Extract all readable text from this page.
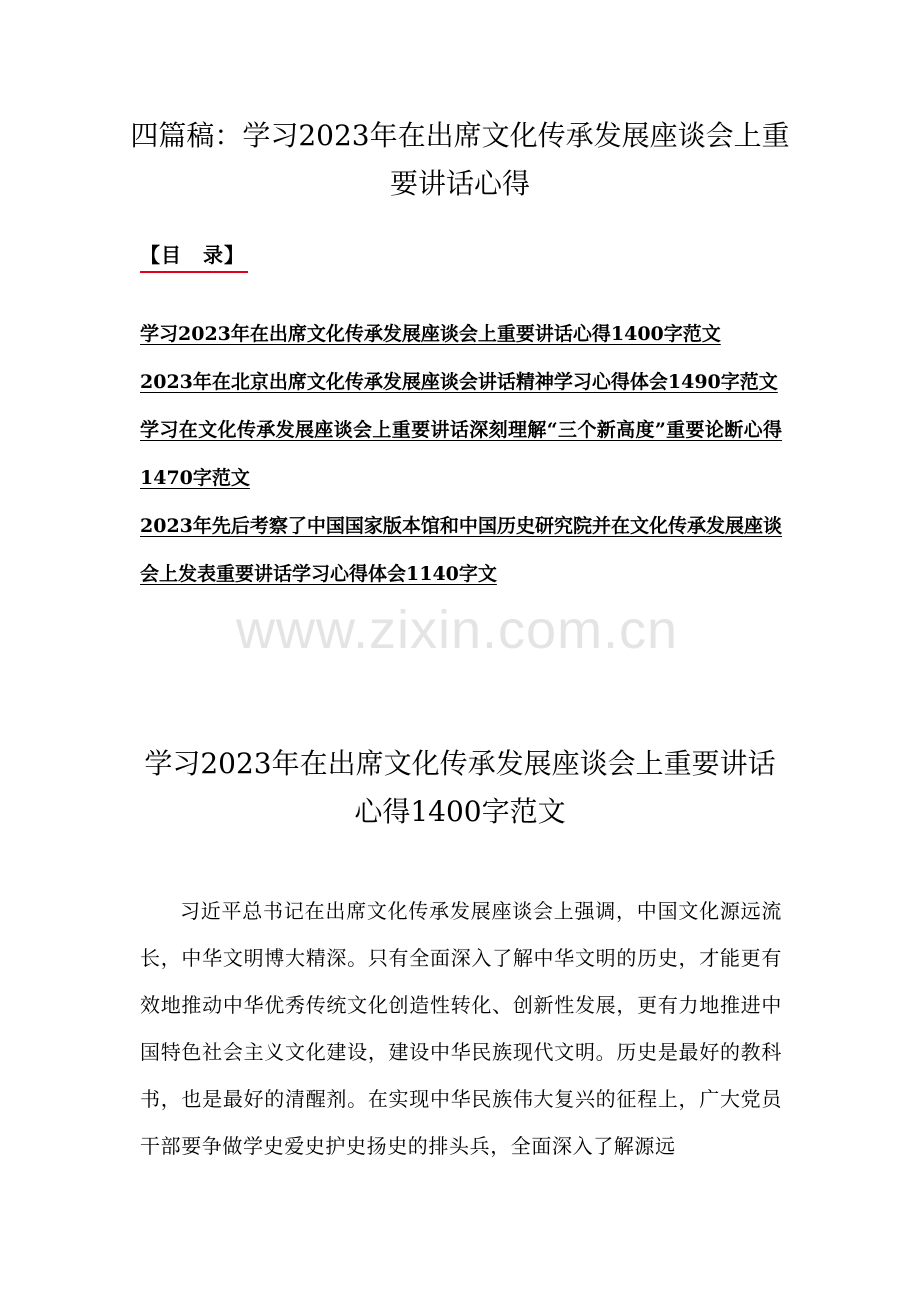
四篇稿：学习2023年在出席文化传承发展座谈会上重要讲话心得
【目　录】
学习2023年在出席文化传承发展座谈会上重要讲话心得1400字范文
2023年在北京出席文化传承发展座谈会讲话精神学习心得体会1490字范文
学习在文化传承发展座谈会上重要讲话深刻理解“三个新高度”重要论断心得1470字范文
2023年先后考察了中国国家版本馆和中国历史研究院并在文化传承发展座谈会上发表重要讲话学习心得体会1140字文
www.zixin.com.cn
学习2023年在出席文化传承发展座谈会上重要讲话心得1400字范文

习近平总书记在出席文化传承发展座谈会上强调，中国文化源远流长，中华文明博大精深。只有全面深入了解中华文明的历史，才能更有效地推动中华优秀传统文化创造性转化、创新性发展，更有力地推进中国特色社会主义文化建设，建设中华民族现代文明。历史是最好的教科书，也是最好的清醒剂。在实现中华民族伟大复兴的征程上，广大党员干部要争做学史爱史护史扬史的排头兵，全面深入了解源远
